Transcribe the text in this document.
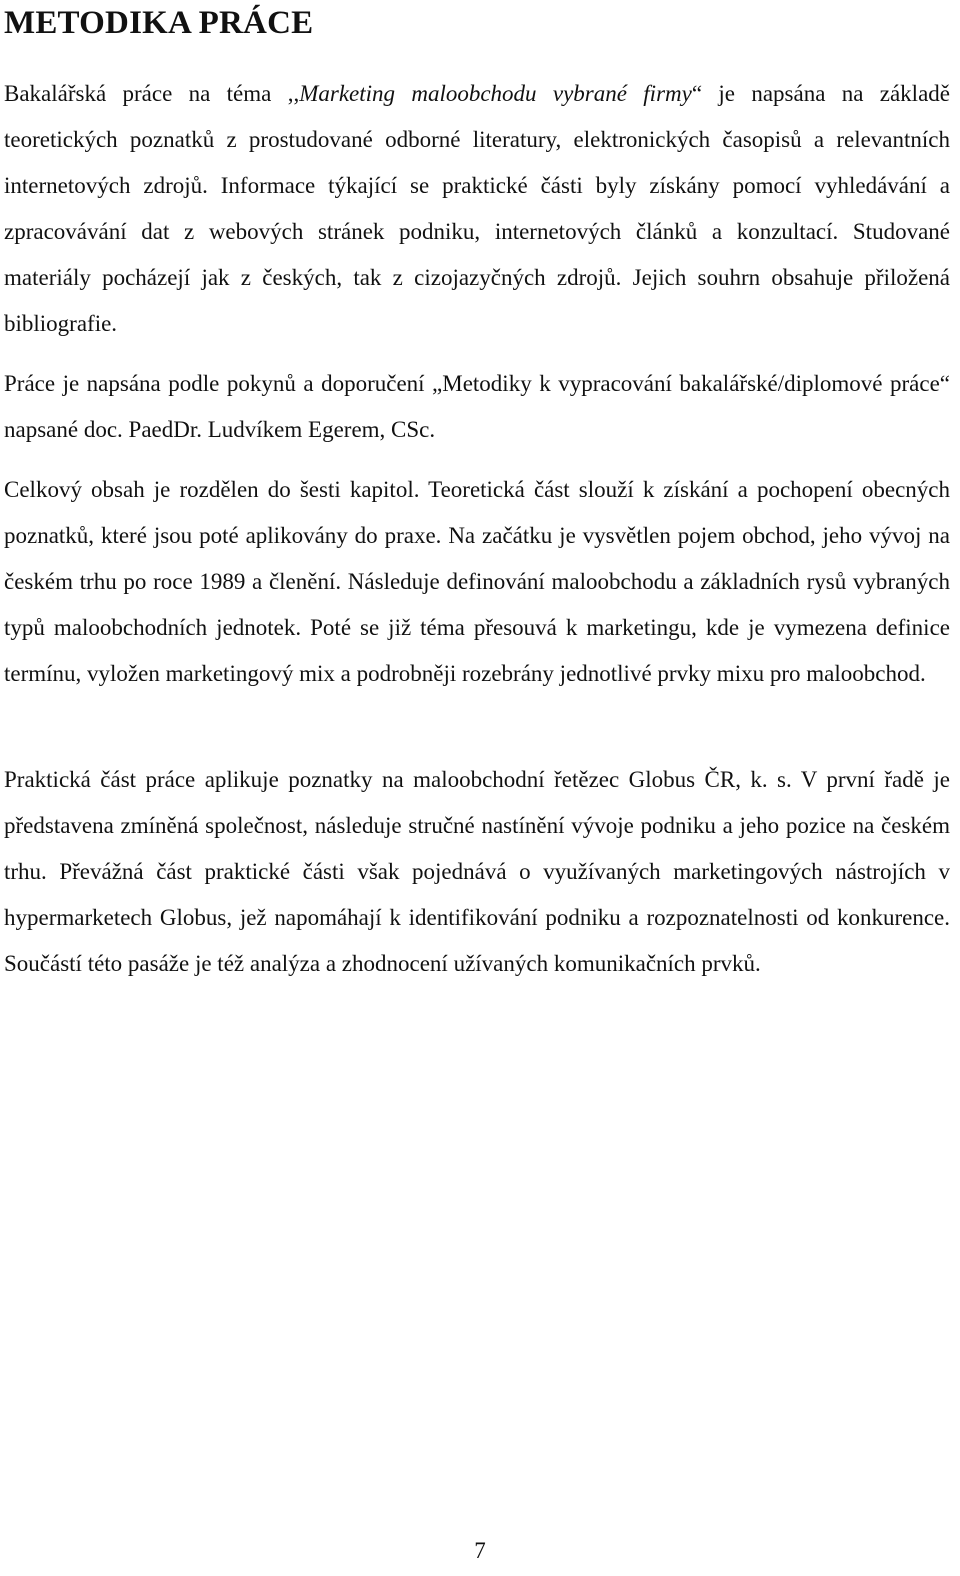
METODIKA PRÁCE

Bakalářská práce na téma ,,Marketing maloobchodu vybrané firmy“ je napsána na základě teoretických poznatků z prostudované odborné literatury, elektronických časopisů a relevantních internetových zdrojů. Informace týkající se praktické části byly získány pomocí vyhledávání a zpracovávání dat z webových stránek podniku, internetových článků a konzultací. Studované materiály pocházejí jak z českých, tak z cizojazyčných zdrojů. Jejich souhrn obsahuje přiložená bibliografie.

Práce je napsána podle pokynů a doporučení „Metodiky k vypracování bakalářské/diplomové práce“ napsané doc. PaedDr. Ludvíkem Egerem, CSc.

Celkový obsah je rozdělen do šesti kapitol. Teoretická část slouží k získání a pochopení obecných poznatků, které jsou poté aplikovány do praxe. Na začátku je vysvětlen pojem obchod, jeho vývoj na českém trhu po roce 1989 a členění. Následuje definování maloobchodu a základních rysů vybraných typů maloobchodních jednotek. Poté se již téma přesouvá k marketingu, kde je vymezena definice termínu, vyložen marketingový mix a podrobněji rozebrány jednotlivé prvky mixu pro maloobchod.

Praktická část práce aplikuje poznatky na maloobchodní řetězec Globus ČR, k. s. V první řadě je představena zmíněná společnost, následuje stručné nastínění vývoje podniku a jeho pozice na českém trhu. Převážná část praktické části však pojednává o využívaných marketingových nástrojích v hypermarketech Globus, jež napomáhají k identifikování podniku a rozpoznatelnosti od konkurence. Součástí této pasáže je též analýza a zhodnocení užívaných komunikačních prvků.

7
